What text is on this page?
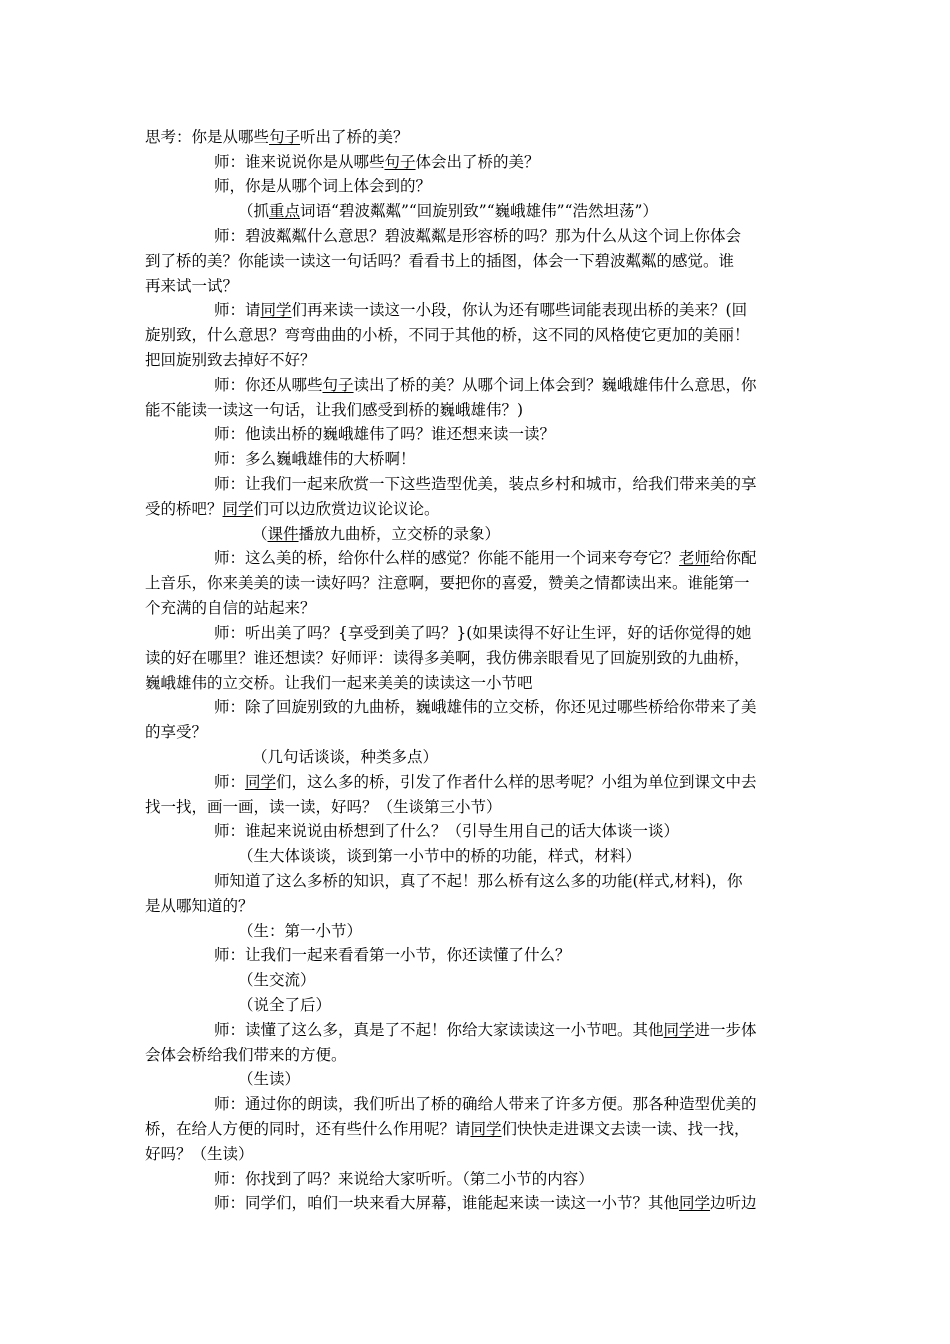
思考：你是从哪些句子听出了桥的美？
师：谁来说说你是从哪些句子体会出了桥的美？
师，你是从哪个词上体会到的？
（抓重点词语“碧波粼粼”“回旋别致”“巍峨雄伟”“浩然坦荡”）
师：碧波粼粼什么意思？碧波粼粼是形容桥的吗？那为什么从这个词上你体会
到了桥的美？你能读一读这一句话吗？看看书上的插图，体会一下碧波粼粼的感觉。谁
再来试一试？
师：请同学们再来读一读这一小段，你认为还有哪些词能表现出桥的美来？(回
旋别致，什么意思？弯弯曲曲的小桥，不同于其他的桥，这不同的风格使它更加的美丽！
把回旋别致去掉好不好？
师：你还从哪些句子读出了桥的美？从哪个词上体会到？巍峨雄伟什么意思，你
能不能读一读这一句话，让我们感受到桥的巍峨雄伟？)
师：他读出桥的巍峨雄伟了吗？谁还想来读一读？
师：多么巍峨雄伟的大桥啊！
师：让我们一起来欣赏一下这些造型优美，装点乡村和城市，给我们带来美的享
受的桥吧？同学们可以边欣赏边议论议论。
（课件播放九曲桥，立交桥的录象）
师：这么美的桥，给你什么样的感觉？你能不能用一个词来夸夸它？老师给你配
上音乐，你来美美的读一读好吗？注意啊，要把你的喜爱，赞美之情都读出来。谁能第一
个充满的自信的站起来？
师：听出美了吗？{享受到美了吗？}(如果读得不好让生评，好的话你觉得的她
读的好在哪里？谁还想读？好师评：读得多美啊，我仿佛亲眼看见了回旋别致的九曲桥，
巍峨雄伟的立交桥。让我们一起来美美的读读这一小节吧
师：除了回旋别致的九曲桥，巍峨雄伟的立交桥，你还见过哪些桥给你带来了美
的享受？
（几句话谈谈，种类多点）
师：同学们，这么多的桥，引发了作者什么样的思考呢？小组为单位到课文中去
找一找，画一画，读一读，好吗？（生谈第三小节）
师：谁起来说说由桥想到了什么？（引导生用自己的话大体谈一谈）
（生大体谈谈，谈到第一小节中的桥的功能，样式，材料）
师知道了这么多桥的知识，真了不起！那么桥有这么多的功能(样式,材料)，你
是从哪知道的？
（生：第一小节）
师：让我们一起来看看第一小节，你还读懂了什么？
（生交流）
（说全了后）
师：读懂了这么多，真是了不起！你给大家读读这一小节吧。其他同学进一步体
会体会桥给我们带来的方便。
（生读）
师：通过你的朗读，我们听出了桥的确给人带来了许多方便。那各种造型优美的
桥，在给人方便的同时，还有些什么作用呢？请同学们快快走进课文去读一读、找一找，
好吗？（生读）
师：你找到了吗？来说给大家听听。（第二小节的内容）
师：同学们，咱们一块来看大屏幕，谁能起来读一读这一小节？其他同学边听边
